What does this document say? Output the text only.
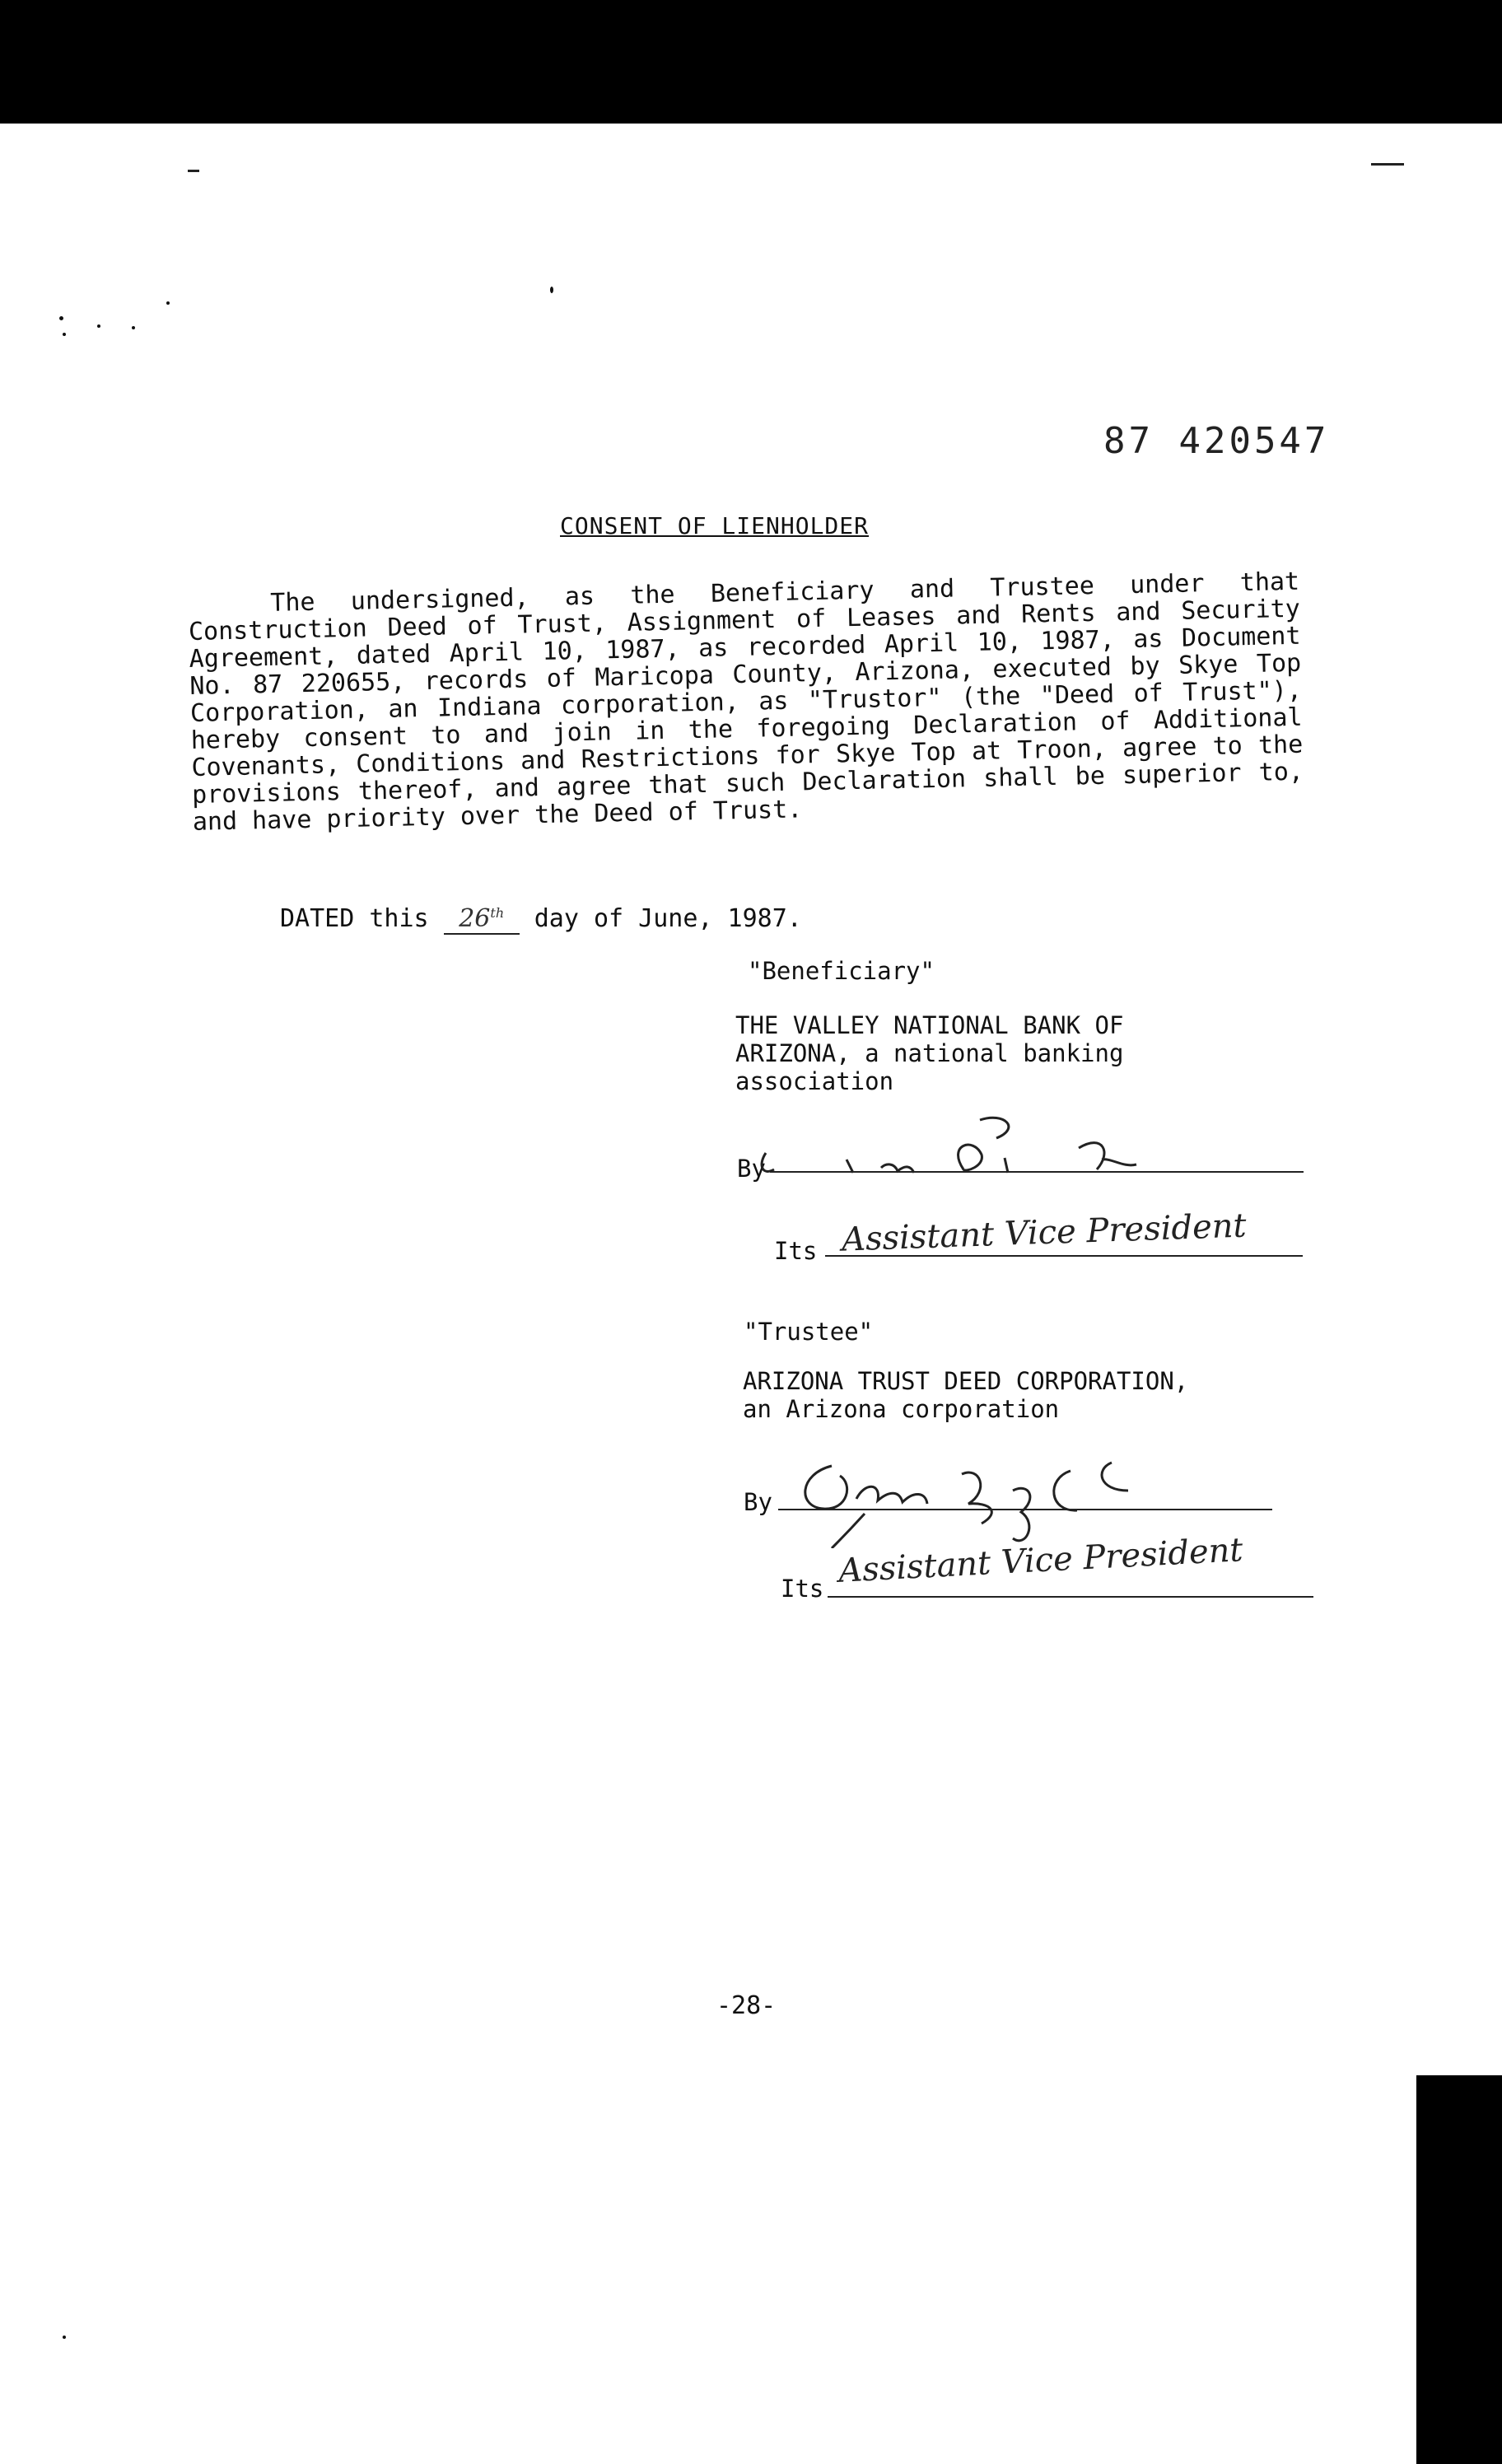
87 420547
CONSENT OF LIENHOLDER

The undersigned, as the Beneficiary and Trustee under that Construction Deed of Trust, Assignment of Leases and Rents and Security Agreement, dated April 10, 1987, as recorded April 10, 1987, as Document No. 87 220655, records of Maricopa County, Arizona, executed by Skye Top Corporation, an Indiana corporation, as "Trustor" (the "Deed of Trust"), hereby consent to and join in the foregoing Declaration of Additional Covenants, Conditions and Restrictions for Skye Top at Troon, agree to the provisions thereof, and agree that such Declaration shall be superior to, and have priority over the Deed of Trust.

DATED this 26th day of June, 1987.
"Beneficiary"
THE VALLEY NATIONAL BANK OF
ARIZONA, a national banking
association
By
Its Assistant Vice President
"Trustee"
ARIZONA TRUST DEED CORPORATION,
an Arizona corporation
By
Its Assistant Vice President
-28-
